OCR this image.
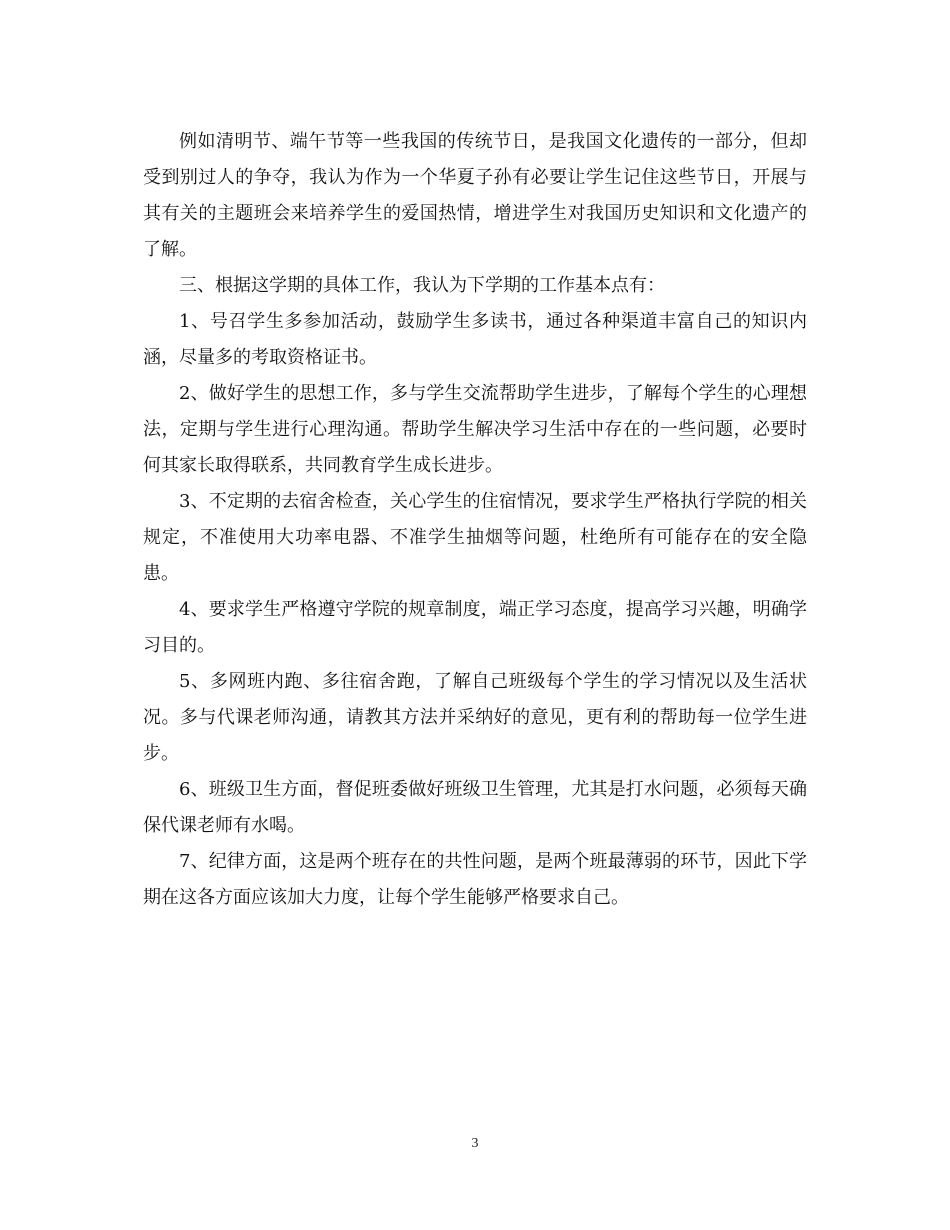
例如清明节、端午节等一些我国的传统节日，是我国文化遗传的一部分，但却受到别过人的争夺，我认为作为一个华夏子孙有必要让学生记住这些节日，开展与其有关的主题班会来培养学生的爱国热情，增进学生对我国历史知识和文化遗产的了解。

三、根据这学期的具体工作，我认为下学期的工作基本点有：

1、号召学生多参加活动，鼓励学生多读书，通过各种渠道丰富自己的知识内涵，尽量多的考取资格证书。

2、做好学生的思想工作，多与学生交流帮助学生进步，了解每个学生的心理想法，定期与学生进行心理沟通。帮助学生解决学习生活中存在的一些问题，必要时何其家长取得联系，共同教育学生成长进步。

3、不定期的去宿舍检查，关心学生的住宿情况，要求学生严格执行学院的相关规定，不准使用大功率电器、不准学生抽烟等问题，杜绝所有可能存在的安全隐患。

4、要求学生严格遵守学院的规章制度，端正学习态度，提高学习兴趣，明确学习目的。

5、多网班内跑、多往宿舍跑，了解自己班级每个学生的学习情况以及生活状况。多与代课老师沟通，请教其方法并采纳好的意见，更有利的帮助每一位学生进步。

6、班级卫生方面，督促班委做好班级卫生管理，尤其是打水问题，必须每天确保代课老师有水喝。

7、纪律方面，这是两个班存在的共性问题，是两个班最薄弱的环节，因此下学期在这各方面应该加大力度，让每个学生能够严格要求自己。

3
